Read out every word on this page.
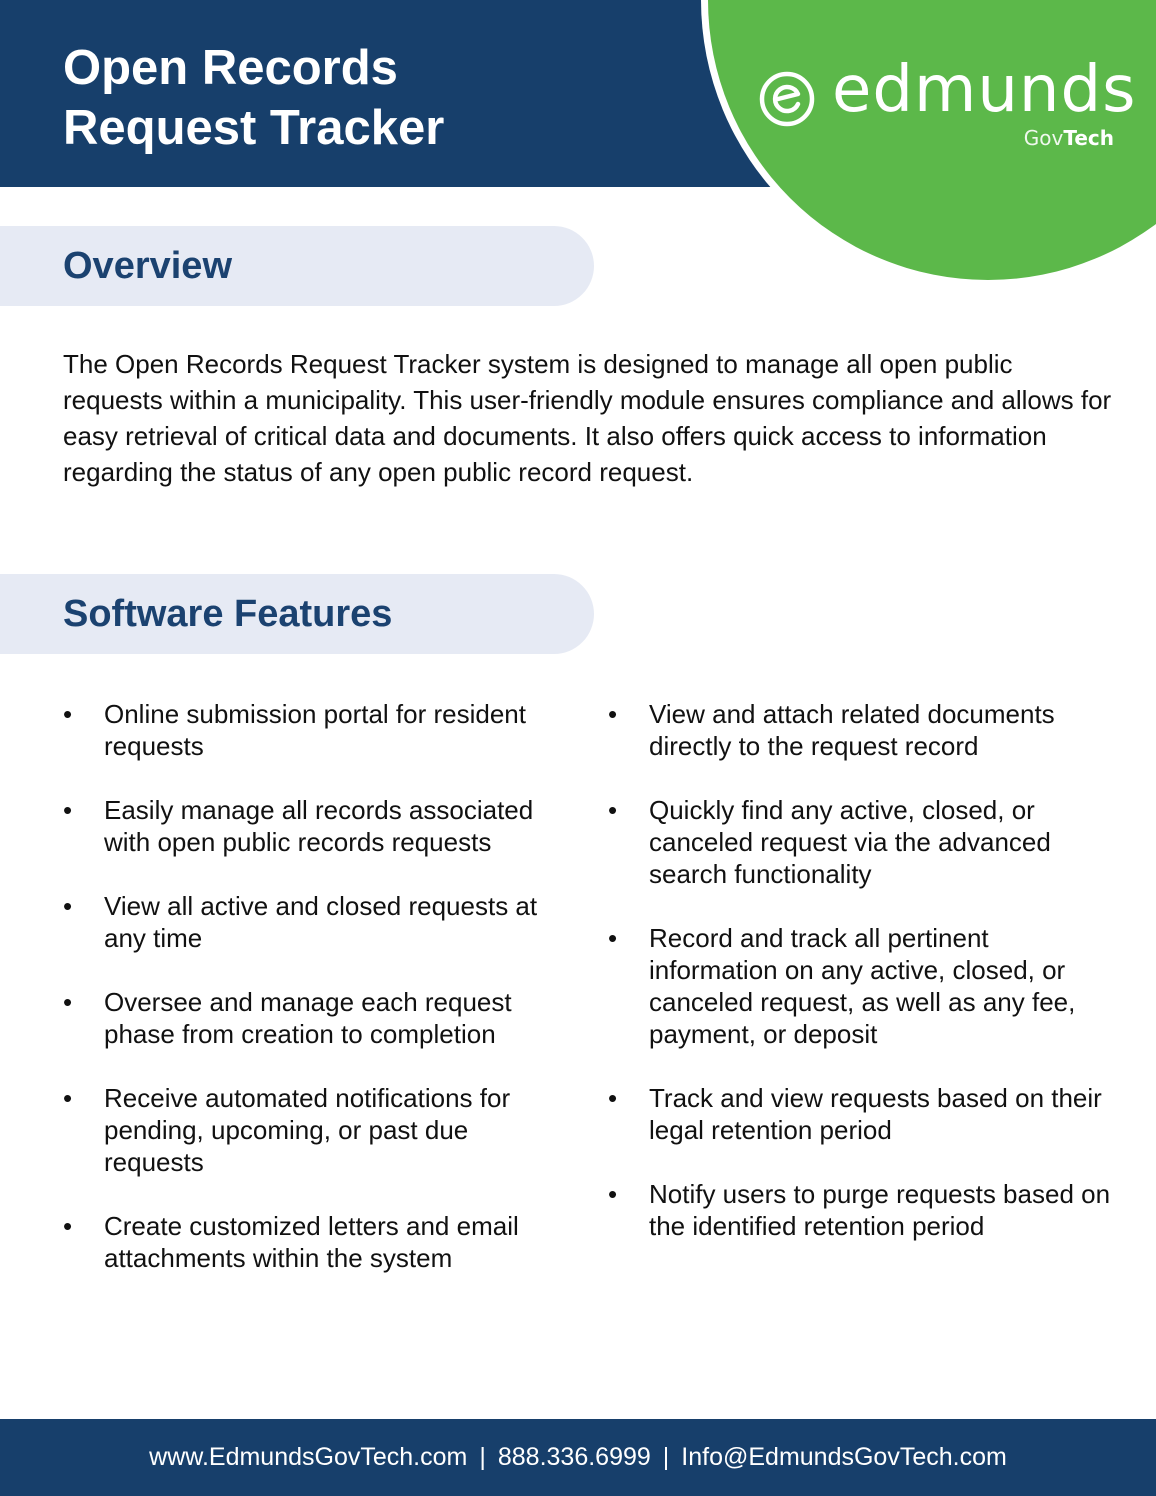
Open Records
Request Tracker
edmunds
GovTech
Overview

The Open Records Request Tracker system is designed to manage all open public requests within a municipality. This user-friendly module ensures compliance and allows for easy retrieval of critical data and documents. It also offers quick access to information regarding the status of any open public record request.

Software Features
• Online submission portal for resident requests
• Easily manage all records associated with open public records requests
• View all active and closed requests at any time
• Oversee and manage each request phase from creation to completion
• Receive automated notifications for pending, upcoming, or past due requests
• Create customized letters and email attachments within the system
• View and attach related documents directly to the request record
• Quickly find any active, closed, or canceled request via the advanced search functionality
• Record and track all pertinent information on any active, closed, or canceled request, as well as any fee, payment, or deposit
• Track and view requests based on their legal retention period
• Notify users to purge requests based on the identified retention period
www.EdmundsGovTech.com | 888.336.6999 | Info@EdmundsGovTech.com
